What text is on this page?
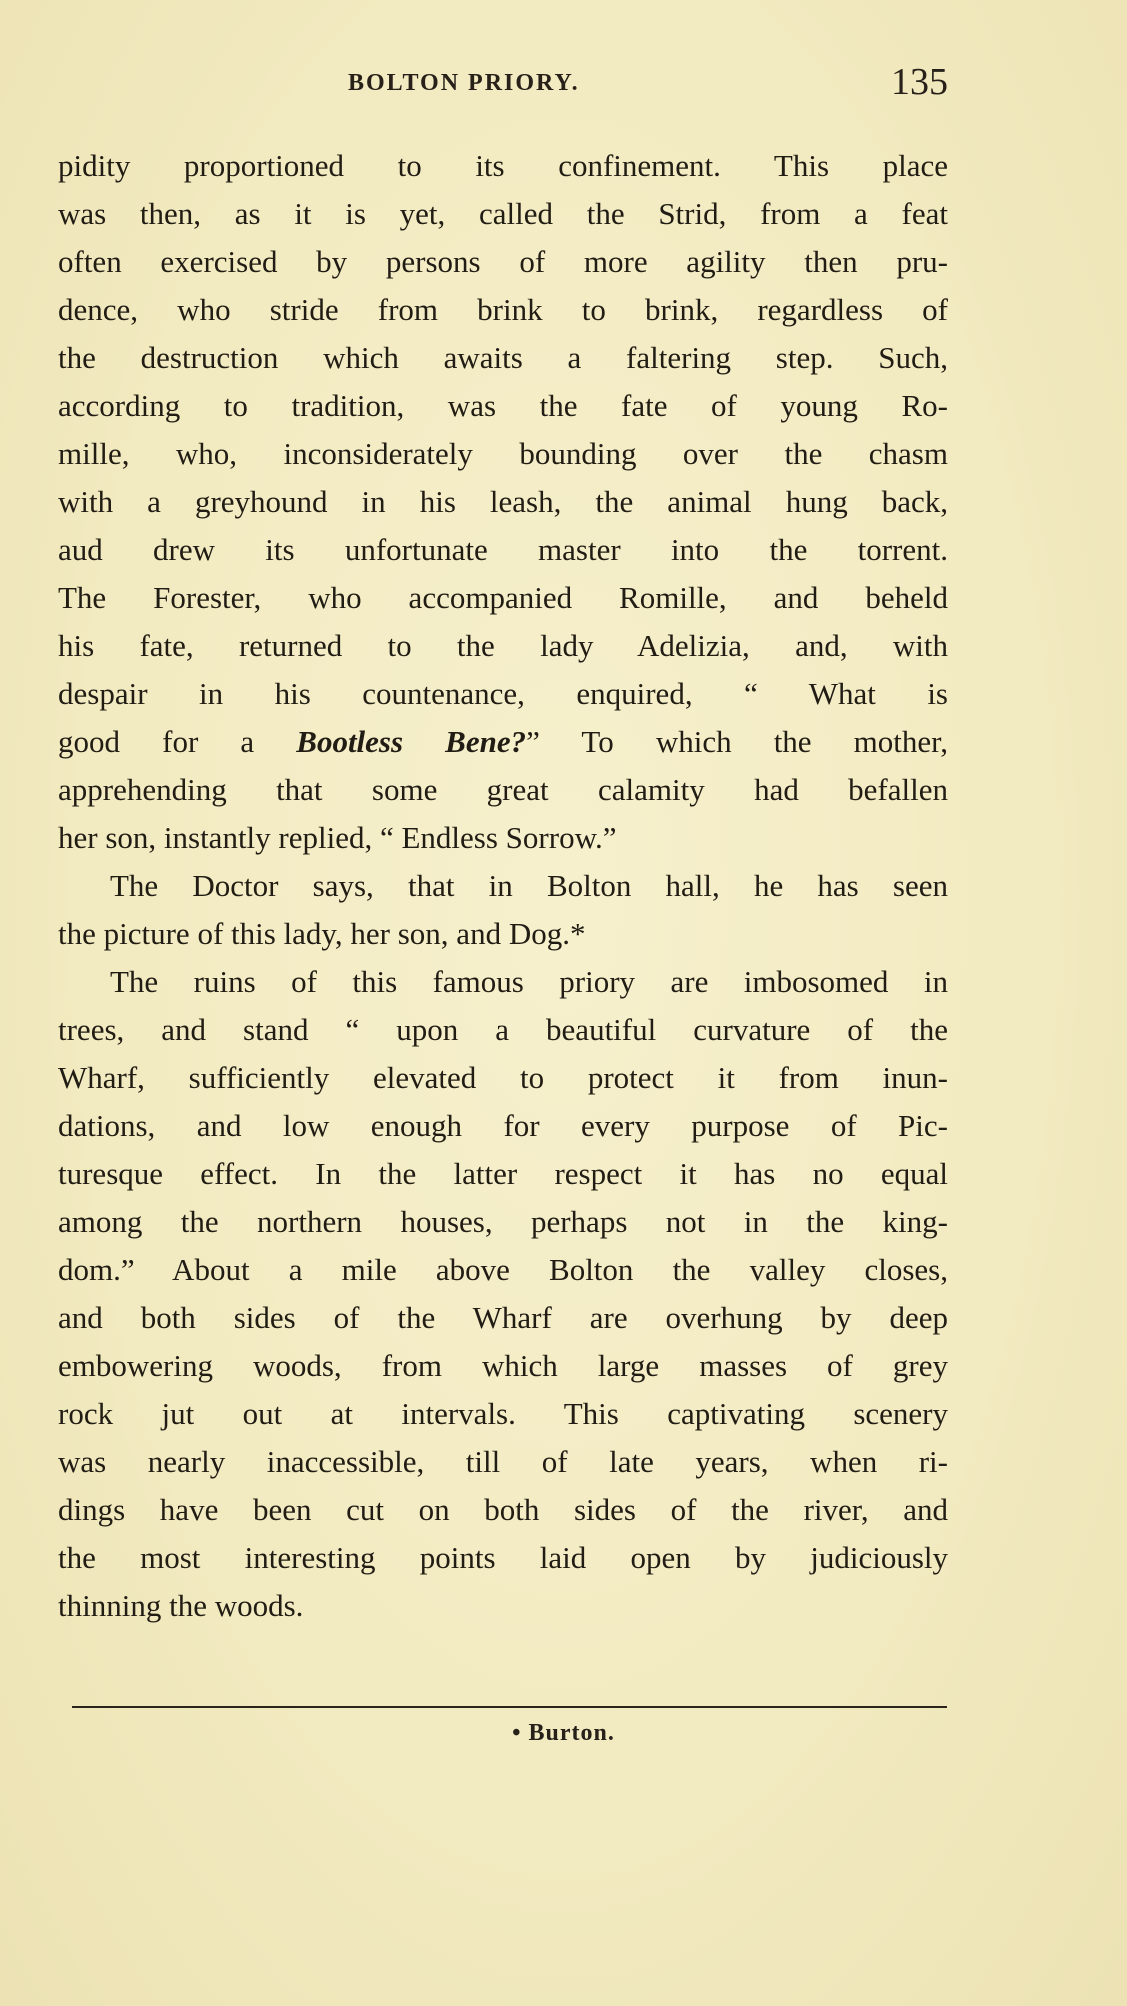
BOLTON PRIORY.	135
pidity proportioned to its confinement. This place
was then, as it is yet, called the Strid, from a feat
often exercised by persons of more agility then pru-
dence, who stride from brink to brink, regardless of
the destruction which awaits a faltering step. Such,
according to tradition, was the fate of young Ro-
mille, who, inconsiderately bounding over the chasm
with a greyhound in his leash, the animal hung back,
aud drew its unfortunate master into the torrent.
The Forester, who accompanied Romille, and beheld
his fate, returned to the lady Adelizia, and, with
despair in his countenance, enquired, “ What is
good for a Bootless Bene?” To which the mother,
apprehending that some great calamity had befallen
her son, instantly replied, “ Endless Sorrow.”
The Doctor says, that in Bolton hall, he has seen
the picture of this lady, her son, and Dog.*
The ruins of this famous priory are imbosomed in
trees, and stand “ upon a beautiful curvature of the
Wharf, sufficiently elevated to protect it from inun-
dations, and low enough for every purpose of Pic-
turesque effect. In the latter respect it has no equal
among the northern houses, perhaps not in the king-
dom.” About a mile above Bolton the valley closes,
and both sides of the Wharf are overhung by deep
embowering woods, from which large masses of grey
rock jut out at intervals. This captivating scenery
was nearly inaccessible, till of late years, when ri-
dings have been cut on both sides of the river, and
the most interesting points laid open by judiciously
thinning the woods.
• Burton.
